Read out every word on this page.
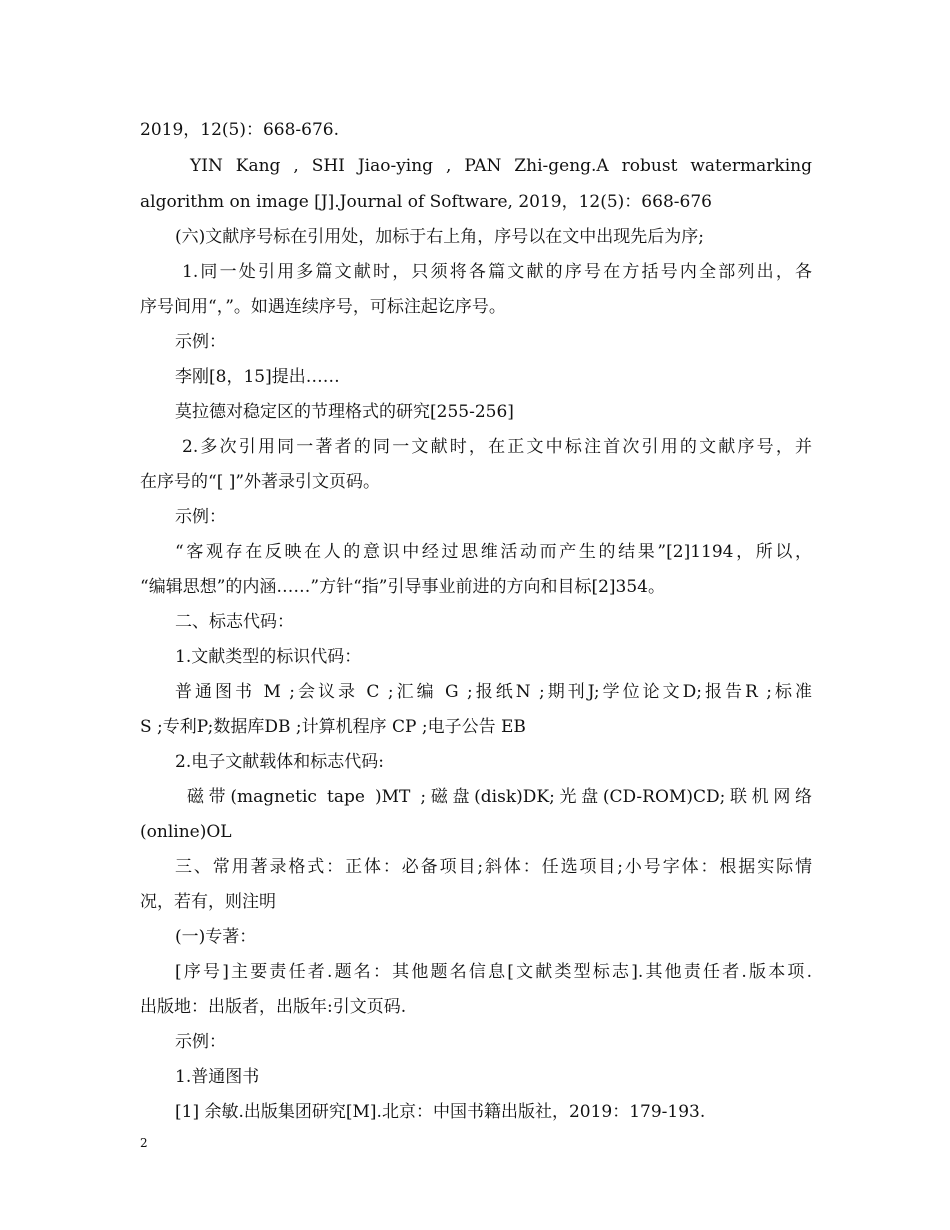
2019，12(5)：668-676.
YIN Kang , SHI Jiao-ying , PAN Zhi-geng.A robust watermarking
algorithm on image [J].Journal of Software, 2019，12(5)：668-676
(六)文献序号标在引用处，加标于右上角，序号以在文中出现先后为序;
1.同一处引用多篇文献时，只须将各篇文献的序号在方括号内全部列出，各
序号间用“，”。如遇连续序号，可标注起讫序号。
示例：
李刚[8，15]提出……
莫拉德对稳定区的节理格式的研究[255-256]
2.多次引用同一著者的同一文献时，在正文中标注首次引用的文献序号，并
在序号的“[ ]”外著录引文页码。
示例：
“客观存在反映在人的意识中经过思维活动而产生的结果”[2]1194，所以，
“编辑思想”的内涵……”方针“指”引导事业前进的方向和目标[2]354。
二、标志代码：
1.文献类型的标识代码：
普通图书 M ;会议录 C ;汇编 G ;报纸N ;期刊J;学位论文D;报告R ;标准
S ;专利P;数据库DB ;计算机程序 CP ;电子公告 EB
2.电子文献载体和标志代码:
磁带(magnetic tape )MT ;磁盘(disk)DK;光盘(CD-ROM)CD;联机网络
(online)OL
三、常用著录格式：正体：必备项目;斜体：任选项目;小号字体：根据实际情
况，若有，则注明
(一)专著：
[序号]主要责任者.题名：其他题名信息[文献类型标志].其他责任者.版本项.
出版地：出版者，出版年:引文页码.
示例：
1.普通图书
[1] 余敏.出版集团研究[M].北京：中国书籍出版社，2019：179-193.
2
